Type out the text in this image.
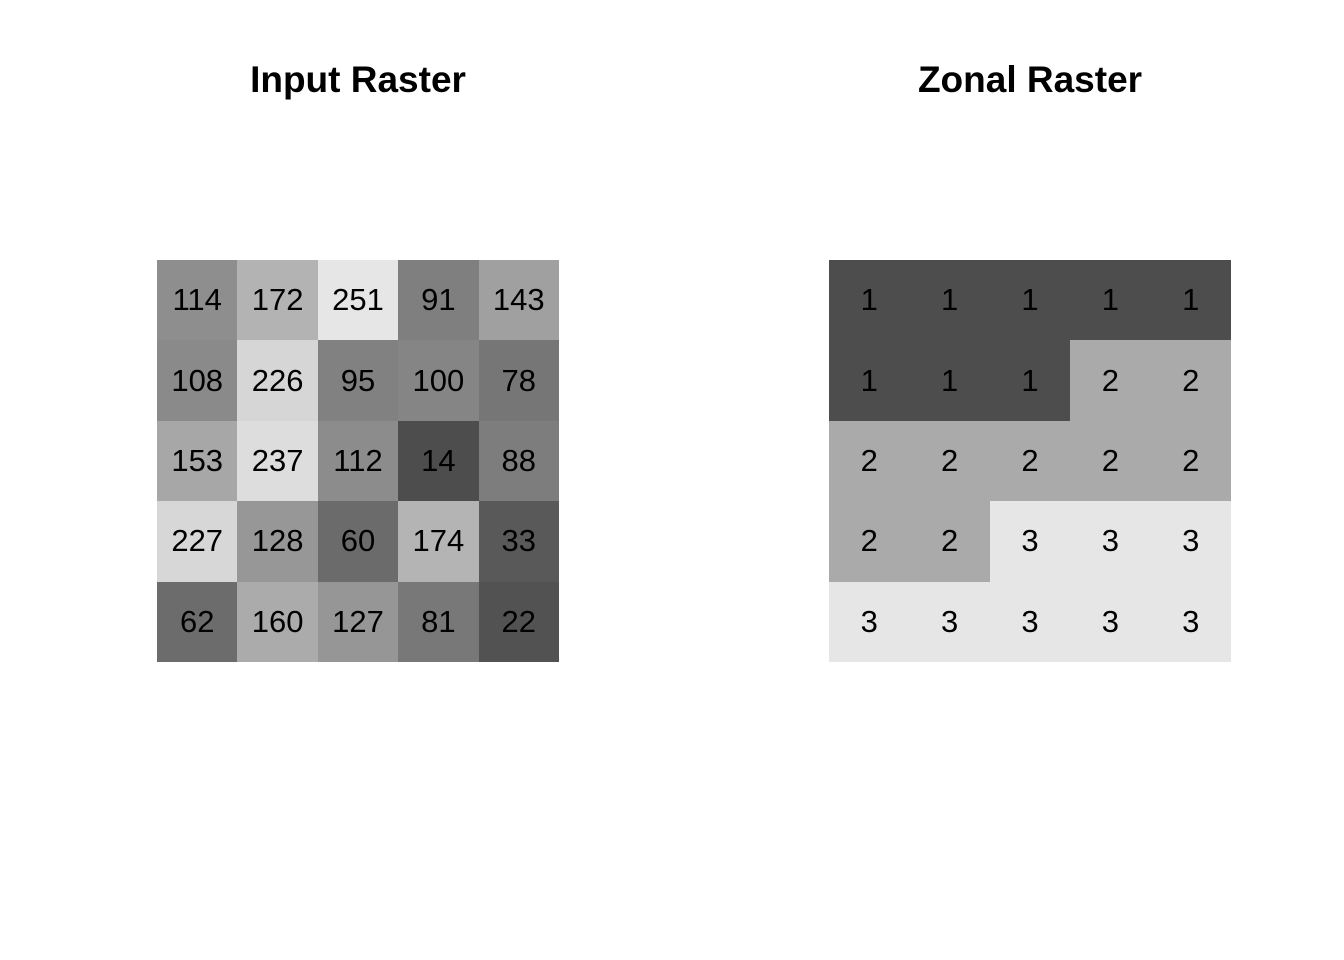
Input Raster
114 172 251	91	143
108 226	95	100	78
153 237 112	14	88
227 128	60	174	33
62	160 127	81	22
Zonal Raster
1	1	1	1	1
1	1	1	2	2
2	2	2	2	2
2	2	3	3	3
3	3	3	3	3
